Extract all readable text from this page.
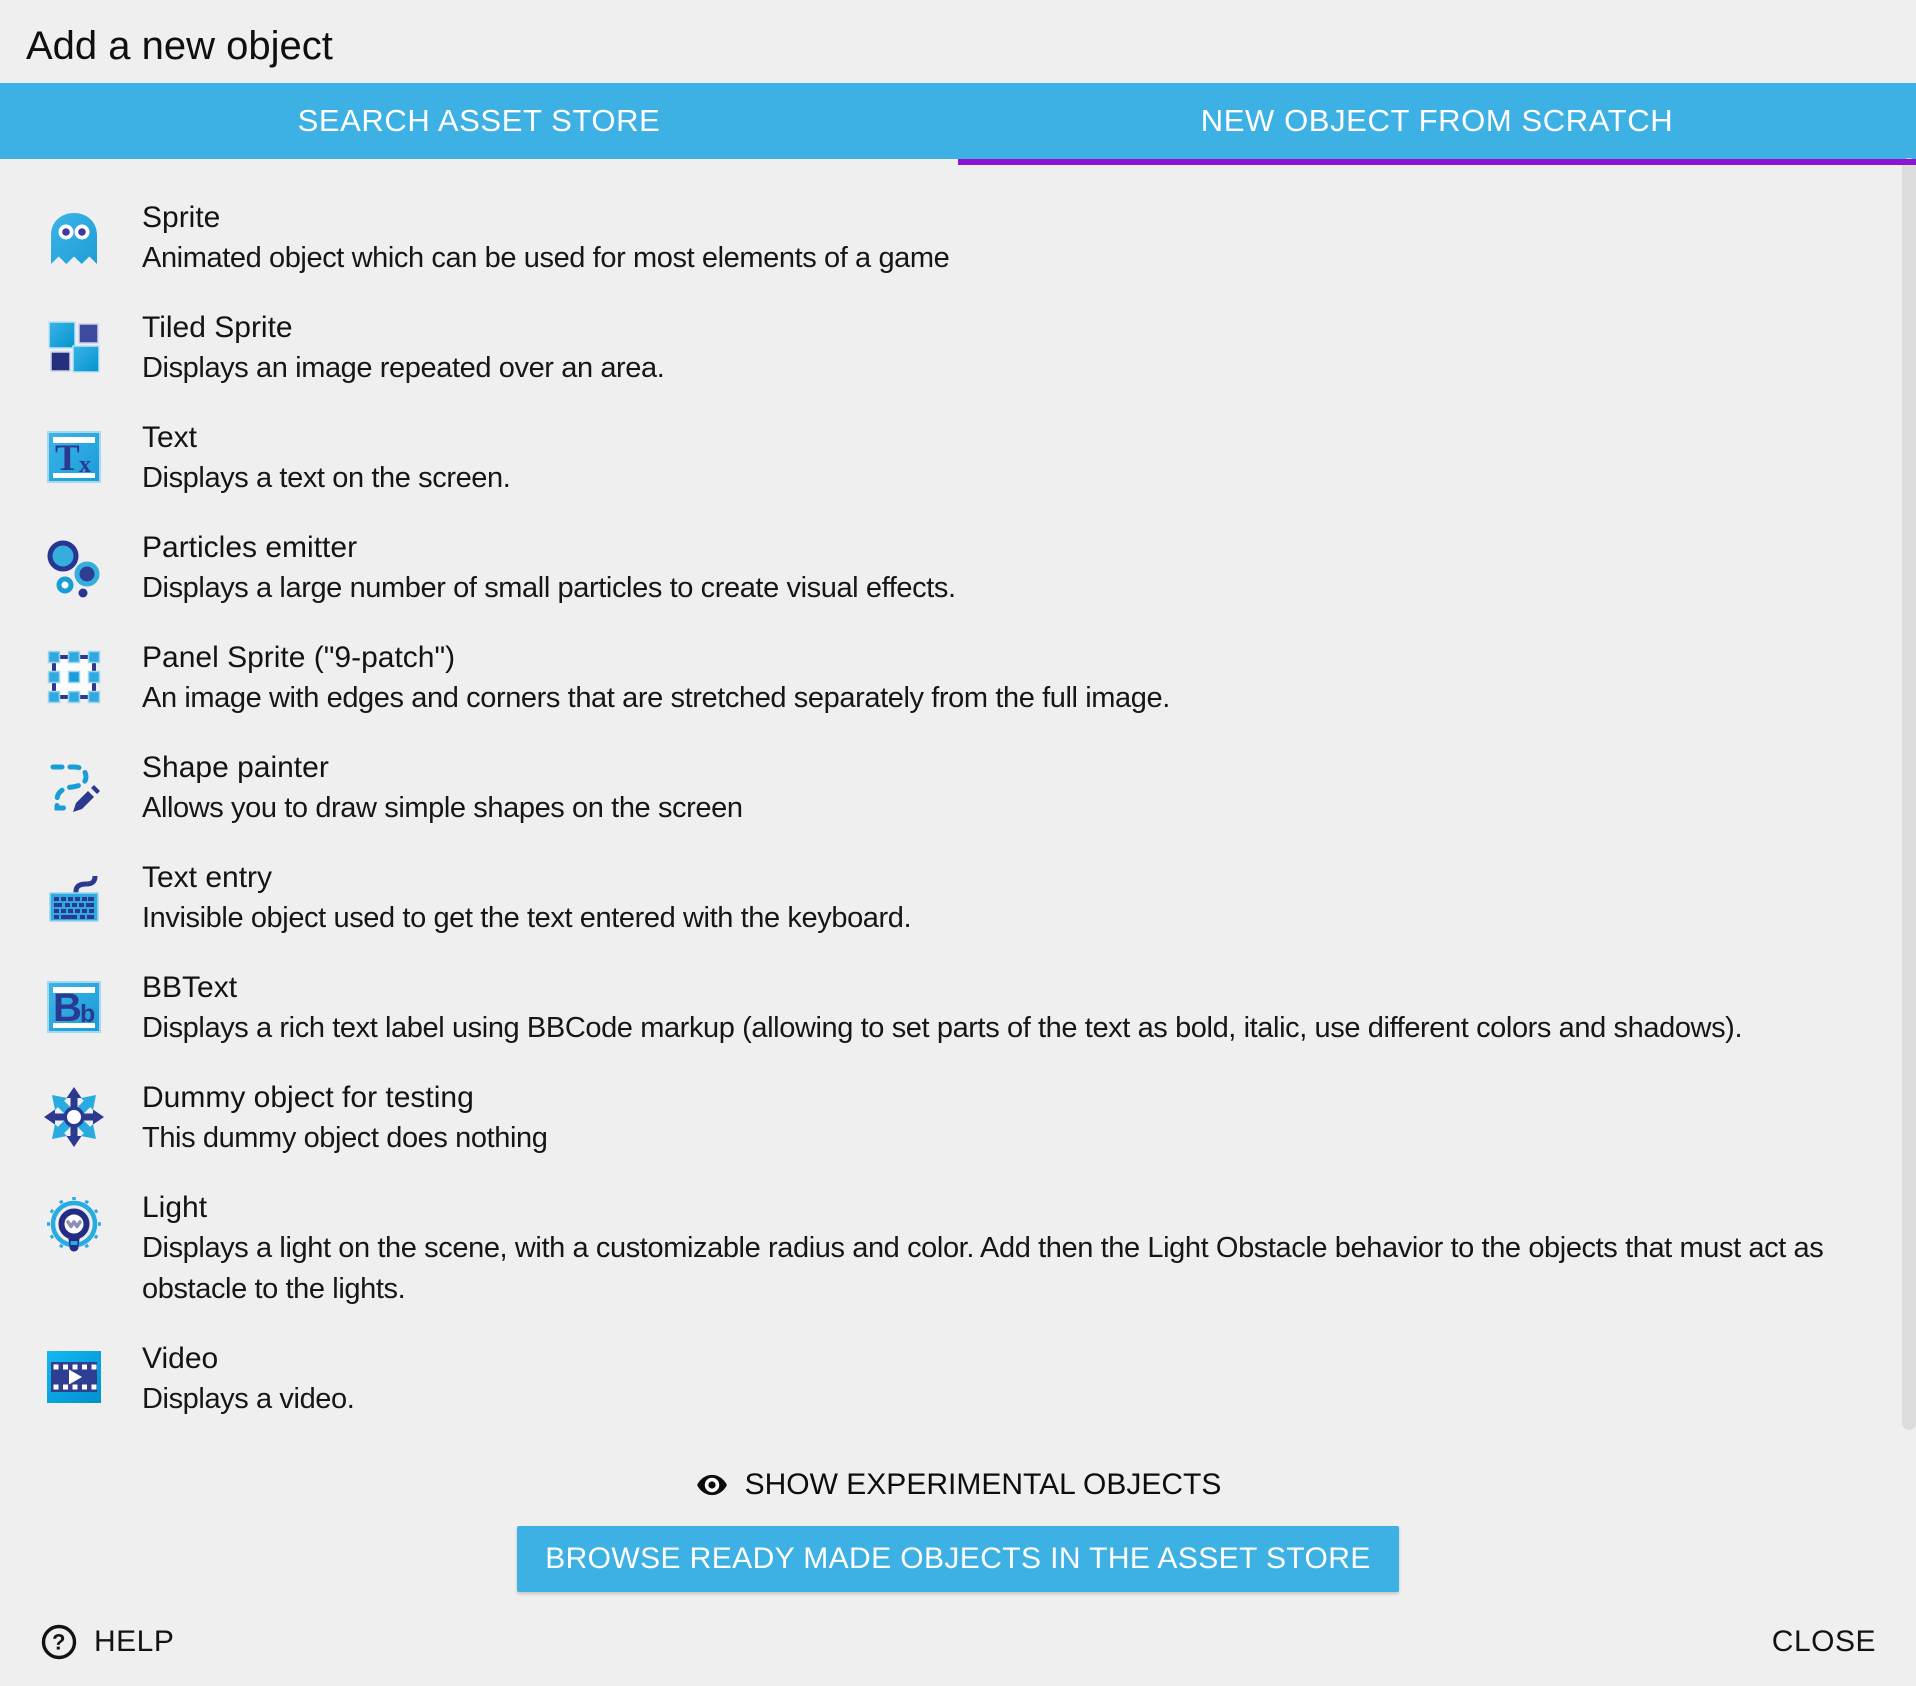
Add a new object
SEARCH ASSET STORE	NEW OBJECT FROM SCRATCH
Sprite
Animated object which can be used for most elements of a game
Tiled Sprite
Displays an image repeated over an area.
T x
Text
Displays a text on the screen.
Particles emitter
Displays a large number of small particles to create visual effects.
Panel Sprite ("9-patch")
An image with edges and corners that are stretched separately from the full image.
Shape painter
Allows you to draw simple shapes on the screen
Text entry
Invisible object used to get the text entered with the keyboard.
B
b
BBText
Displays a rich text label using BBCode markup (allowing to set parts of the text as bold, italic, use different colors and shadows).
Dummy object for testing
This dummy object does nothing
Light
Displays a light on the scene, with a customizable radius and color. Add then the Light Obstacle behavior to the objects that must act as obstacle to the lights.
Video
Displays a video.
SHOW EXPERIMENTAL OBJECTS
BROWSE READY MADE OBJECTS IN THE ASSET STORE
? HELP	CLOSE
